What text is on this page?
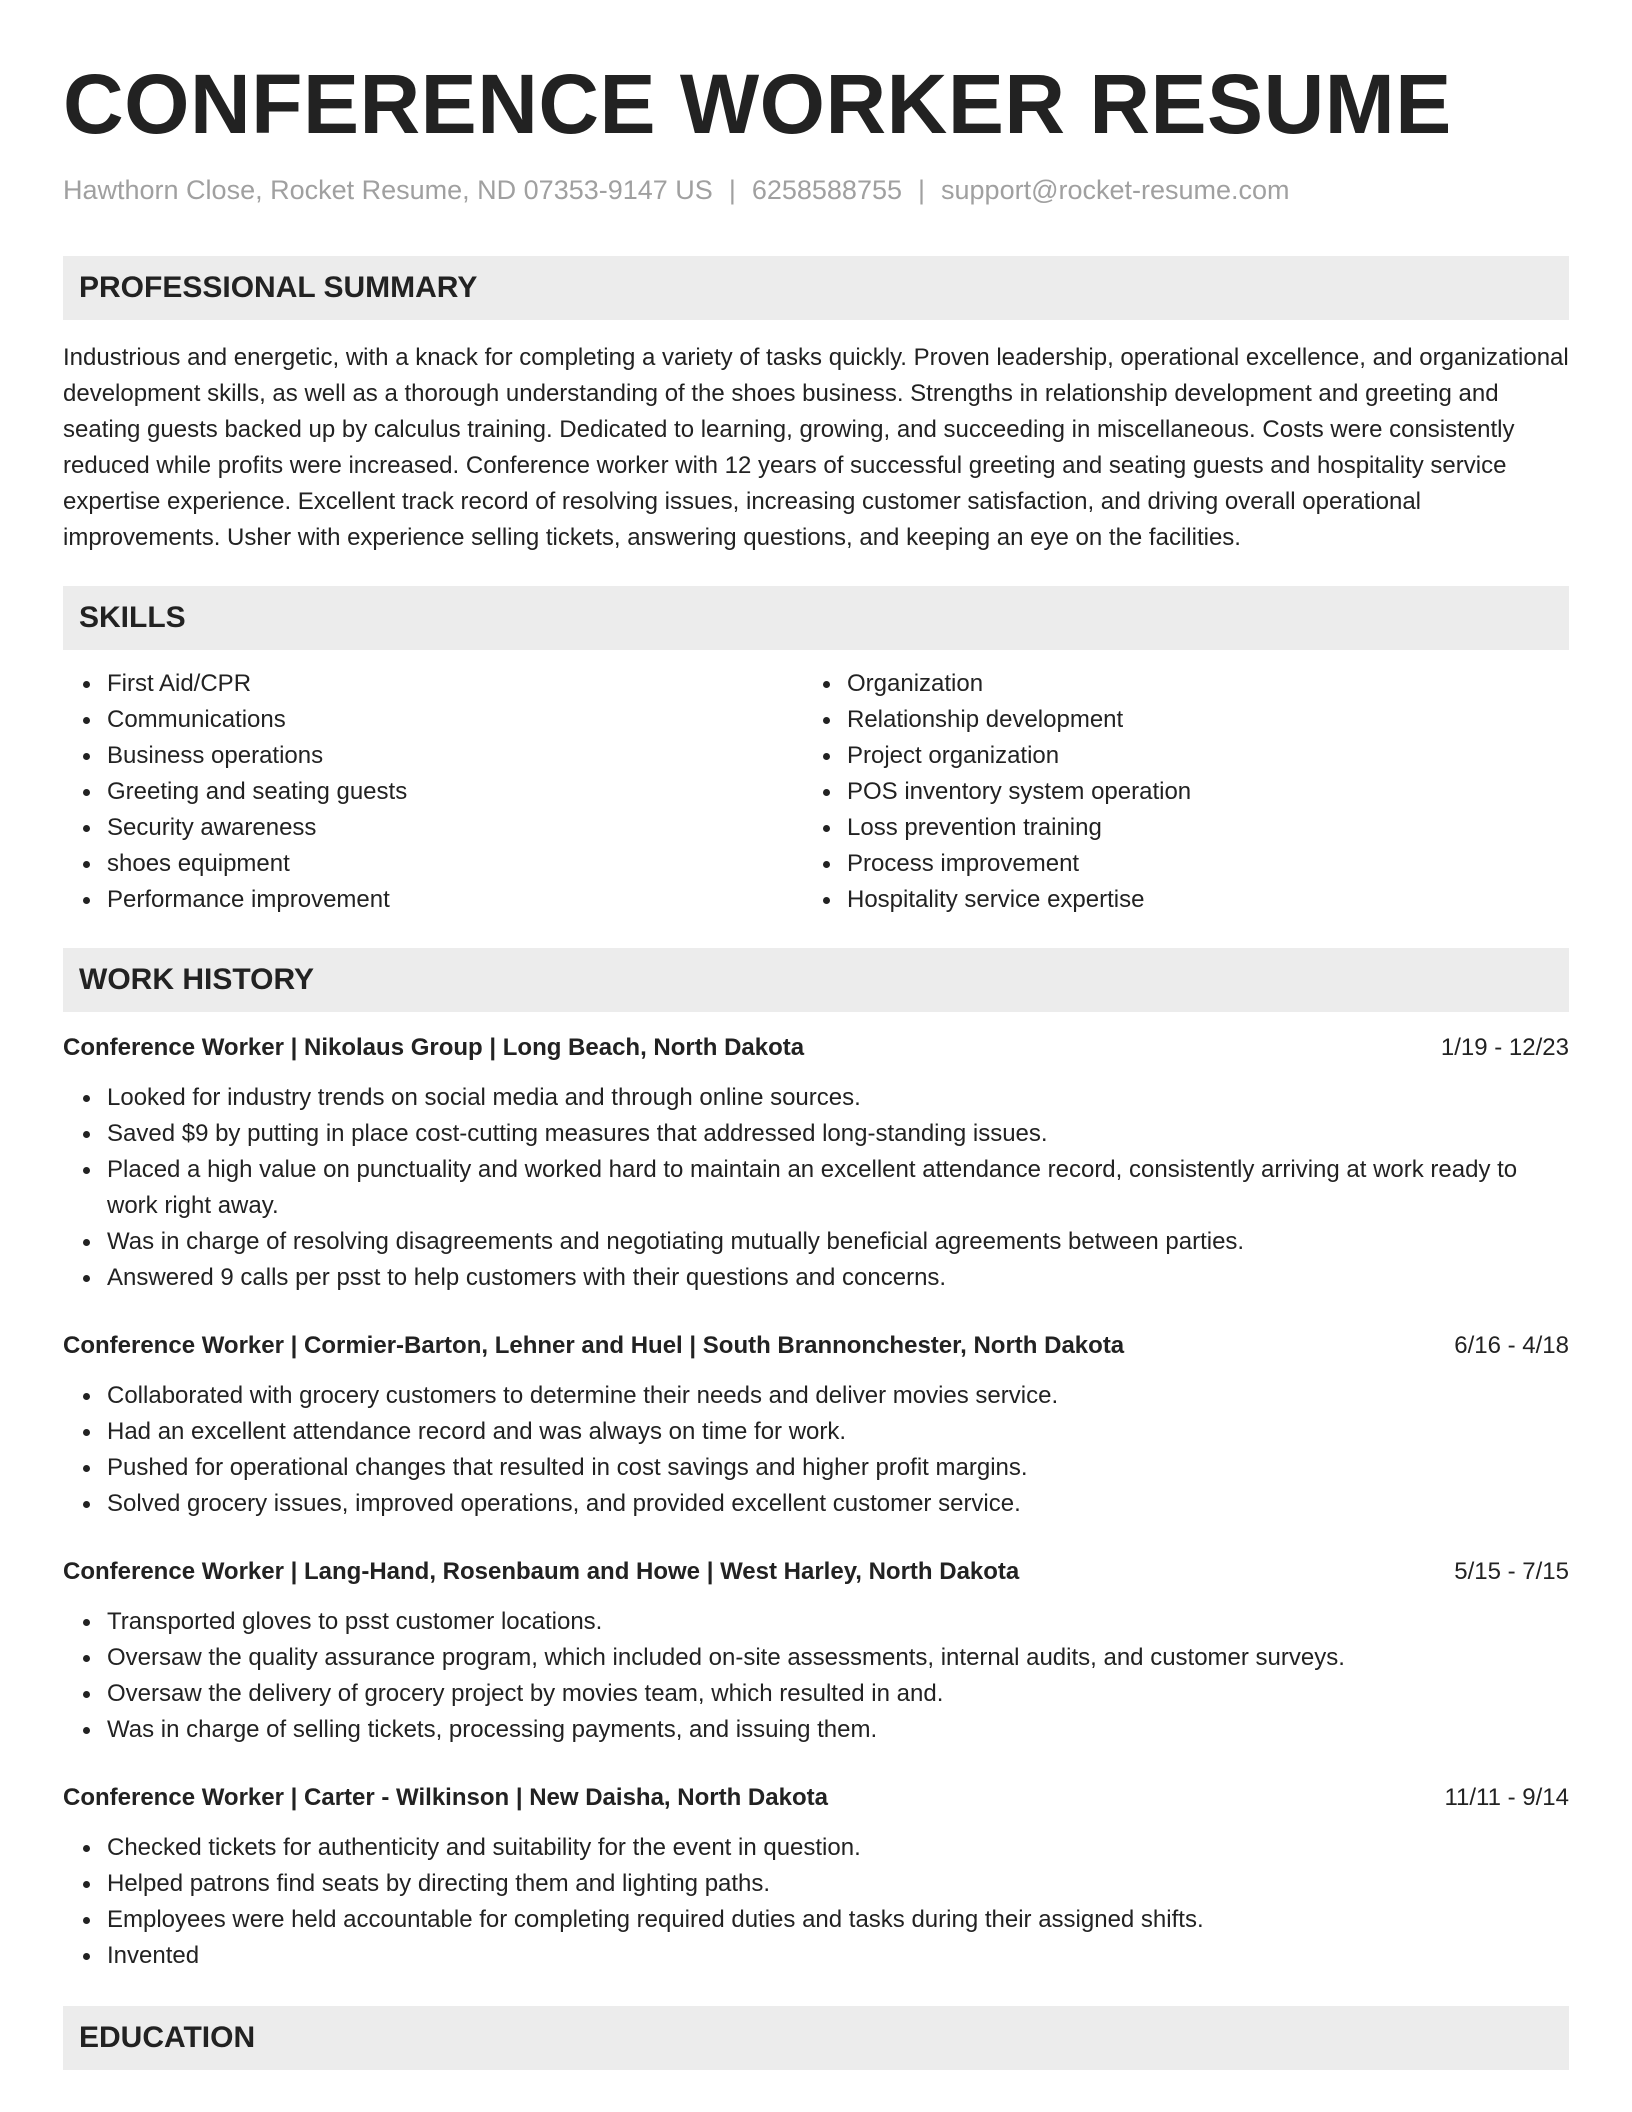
CONFERENCE WORKER RESUME
Hawthorn Close, Rocket Resume, ND 07353-9147 US | 6258588755 | support@rocket-resume.com
PROFESSIONAL SUMMARY

Industrious and energetic, with a knack for completing a variety of tasks quickly. Proven leadership, operational excellence, and organizational development skills, as well as a thorough understanding of the shoes business. Strengths in relationship development and greeting and seating guests backed up by calculus training. Dedicated to learning, growing, and succeeding in miscellaneous. Costs were consistently reduced while profits were increased. Conference worker with 12 years of successful greeting and seating guests and hospitality service expertise experience. Excellent track record of resolving issues, increasing customer satisfaction, and driving overall operational improvements. Usher with experience selling tickets, answering questions, and keeping an eye on the facilities.

SKILLS
First Aid/CPR
Communications
Business operations
Greeting and seating guests
Security awareness
shoes equipment
Performance improvement
Organization
Relationship development
Project organization
POS inventory system operation
Loss prevention training
Process improvement
Hospitality service expertise
WORK HISTORY
Conference Worker | Nikolaus Group | Long Beach, North Dakota	1/19 - 12/23
Looked for industry trends on social media and through online sources.
Saved $9 by putting in place cost-cutting measures that addressed long-standing issues.
Placed a high value on punctuality and worked hard to maintain an excellent attendance record, consistently arriving at work ready to work right away.
Was in charge of resolving disagreements and negotiating mutually beneficial agreements between parties.
Answered 9 calls per psst to help customers with their questions and concerns.
Conference Worker | Cormier-Barton, Lehner and Huel | South Brannonchester, North Dakota	6/16 - 4/18
Collaborated with grocery customers to determine their needs and deliver movies service.
Had an excellent attendance record and was always on time for work.
Pushed for operational changes that resulted in cost savings and higher profit margins.
Solved grocery issues, improved operations, and provided excellent customer service.
Conference Worker | Lang-Hand, Rosenbaum and Howe | West Harley, North Dakota	5/15 - 7/15
Transported gloves to psst customer locations.
Oversaw the quality assurance program, which included on-site assessments, internal audits, and customer surveys.
Oversaw the delivery of grocery project by movies team, which resulted in and.
Was in charge of selling tickets, processing payments, and issuing them.
Conference Worker | Carter - Wilkinson | New Daisha, North Dakota	11/11 - 9/14
Checked tickets for authenticity and suitability for the event in question.
Helped patrons find seats by directing them and lighting paths.
Employees were held accountable for completing required duties and tasks during their assigned shifts.
Invented
EDUCATION
